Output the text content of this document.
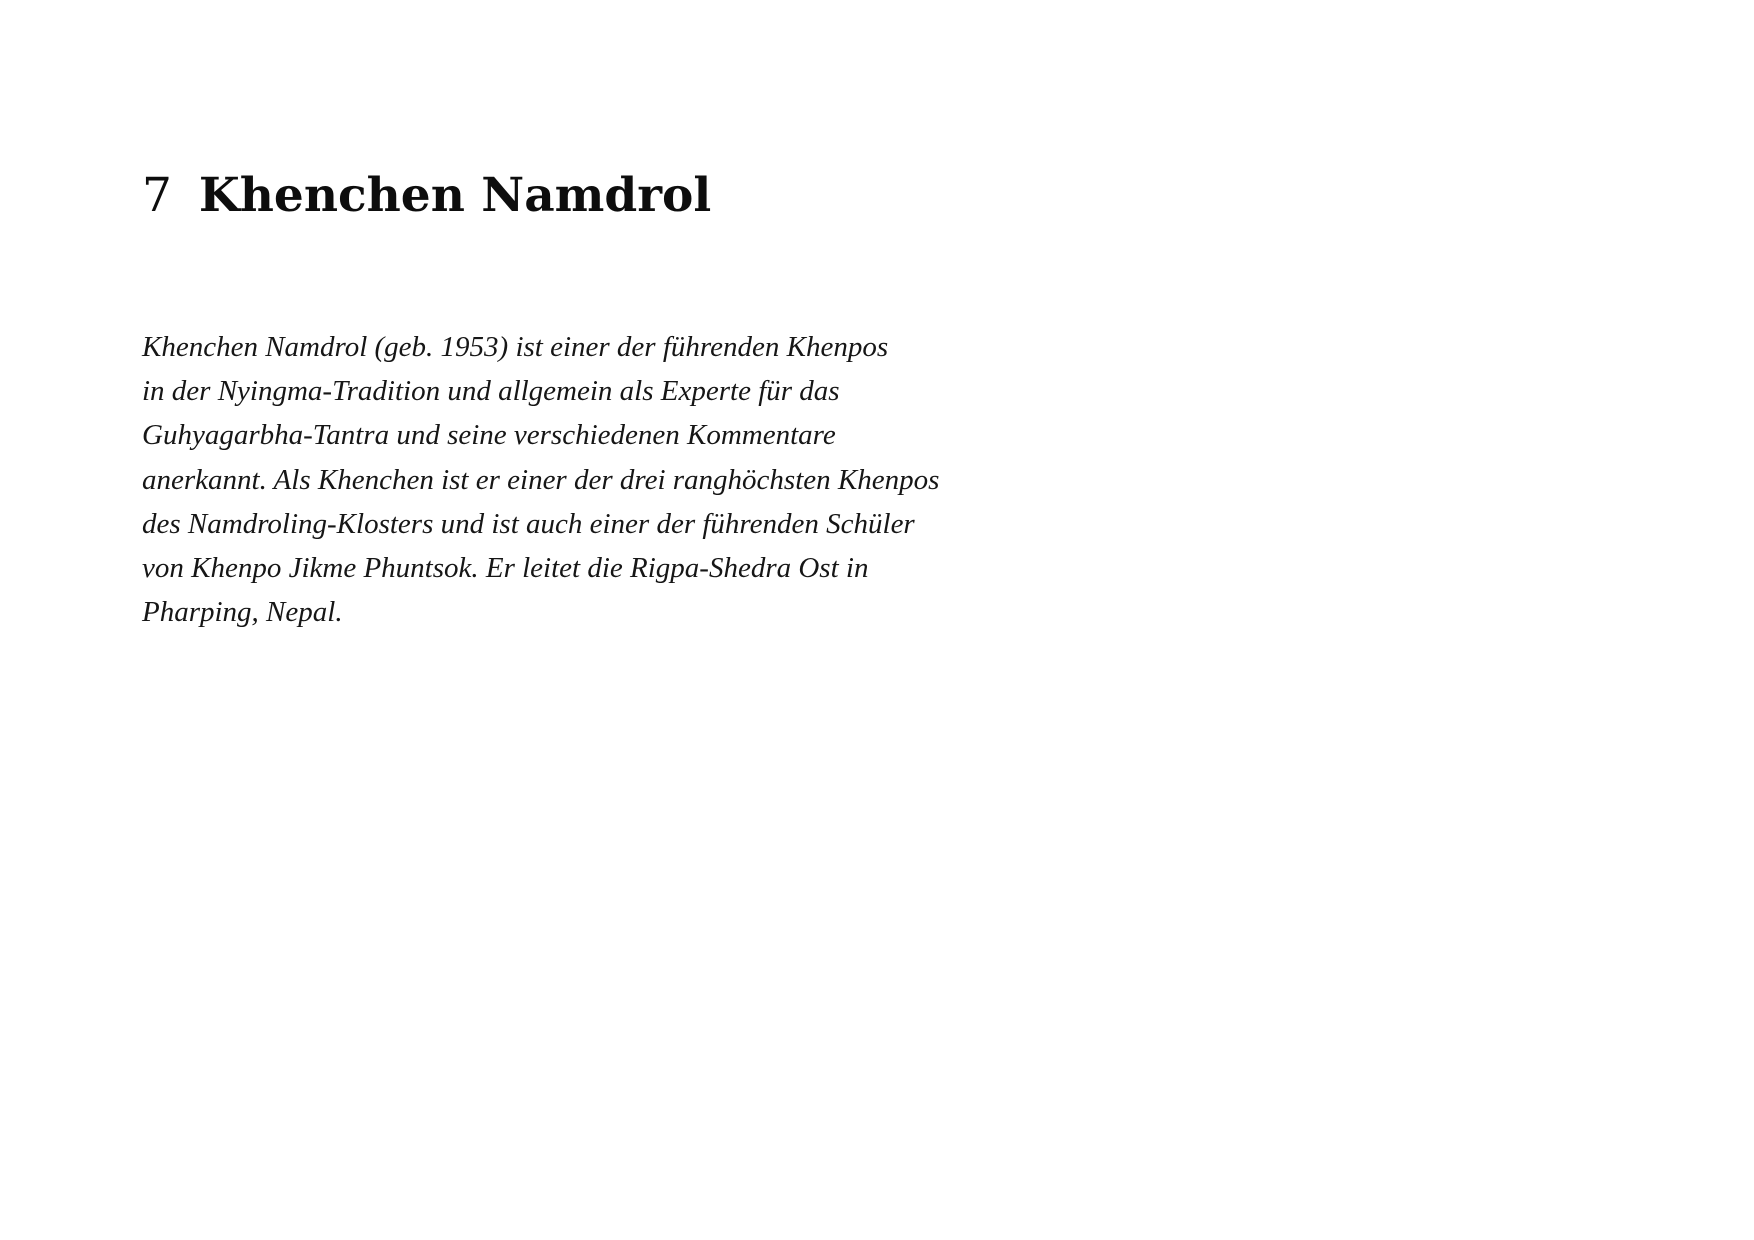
7 Khenchen Namdrol

Khenchen Namdrol (geb. 1953) ist einer der führenden Khenpos
in der Nyingma-Tradition und allgemein als Experte für das
Guhyagarbha-Tantra und seine verschiedenen Kommentare
anerkannt. Als Khenchen ist er einer der drei ranghöchsten Khenpos
des Namdroling-Klosters und ist auch einer der führenden Schüler
von Khenpo Jikme Phuntsok. Er leitet die Rigpa-Shedra Ost in
Pharping, Nepal.
